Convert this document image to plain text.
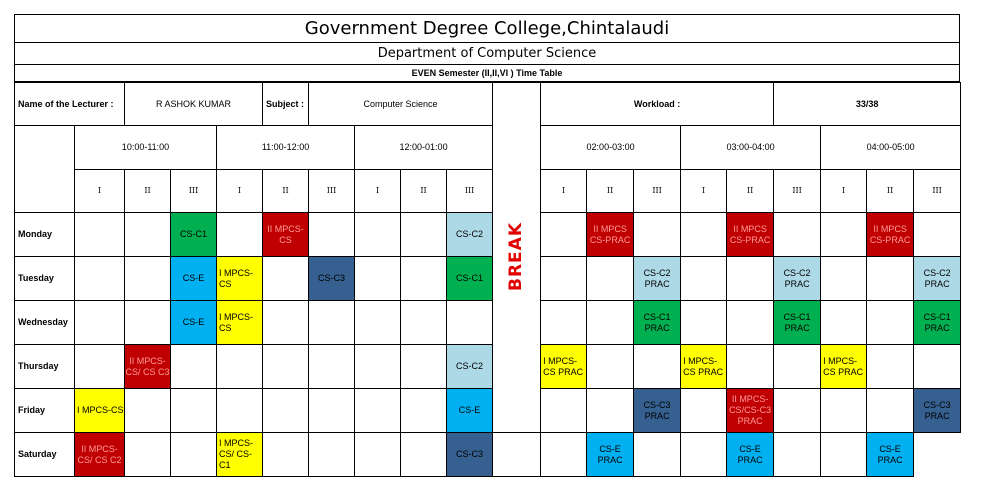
Government Degree College,Chintalaudi
Department of Computer Science
EVEN Semester (II,II,VI ) Time Table
Name of the Lecturer :		R ASHOK KUMAR			Subject :	Computer Science				BREAK	Workload :					33/38			
	10:00-11:00			11:00-12:00			12:00-01:00				02:00-03:00			03:00-04:00			04:00-05:00		
	I	II	III	I	II	III	I	II	III		I	II	III	I	II	III	I	II	III
Monday			CS-C1		II MPCS-CS				CS-C2			II MPCS CS-PRAC			II MPCS CS-PRAC			II MPCS CS-PRAC	
Tuesday			CS-E	I MPCS-CS		CS-C3			CS-C1				CS-C2 PRAC			CS-C2 PRAC			CS-C2 PRAC
Wednesday			CS-E	I MPCS-CS									CS-C1 PRAC			CS-C1 PRAC			CS-C1 PRAC
Thursday		II MPCS-CS/ CS C3							CS-C2		I MPCS-CS PRAC			I MPCS-CS PRAC			I MPCS-CS PRAC		
Friday	I MPCS-CS								CS-E				CS-C3 PRAC		II MPCS-CS/CS-C3 PRAC				CS-C3 PRAC
Saturday	II MPCS-CS/ CS C2			I MPCS-CS/ CS-C1					CS-C3			CS-E PRAC			CS-E PRAC			CS-E PRAC	
